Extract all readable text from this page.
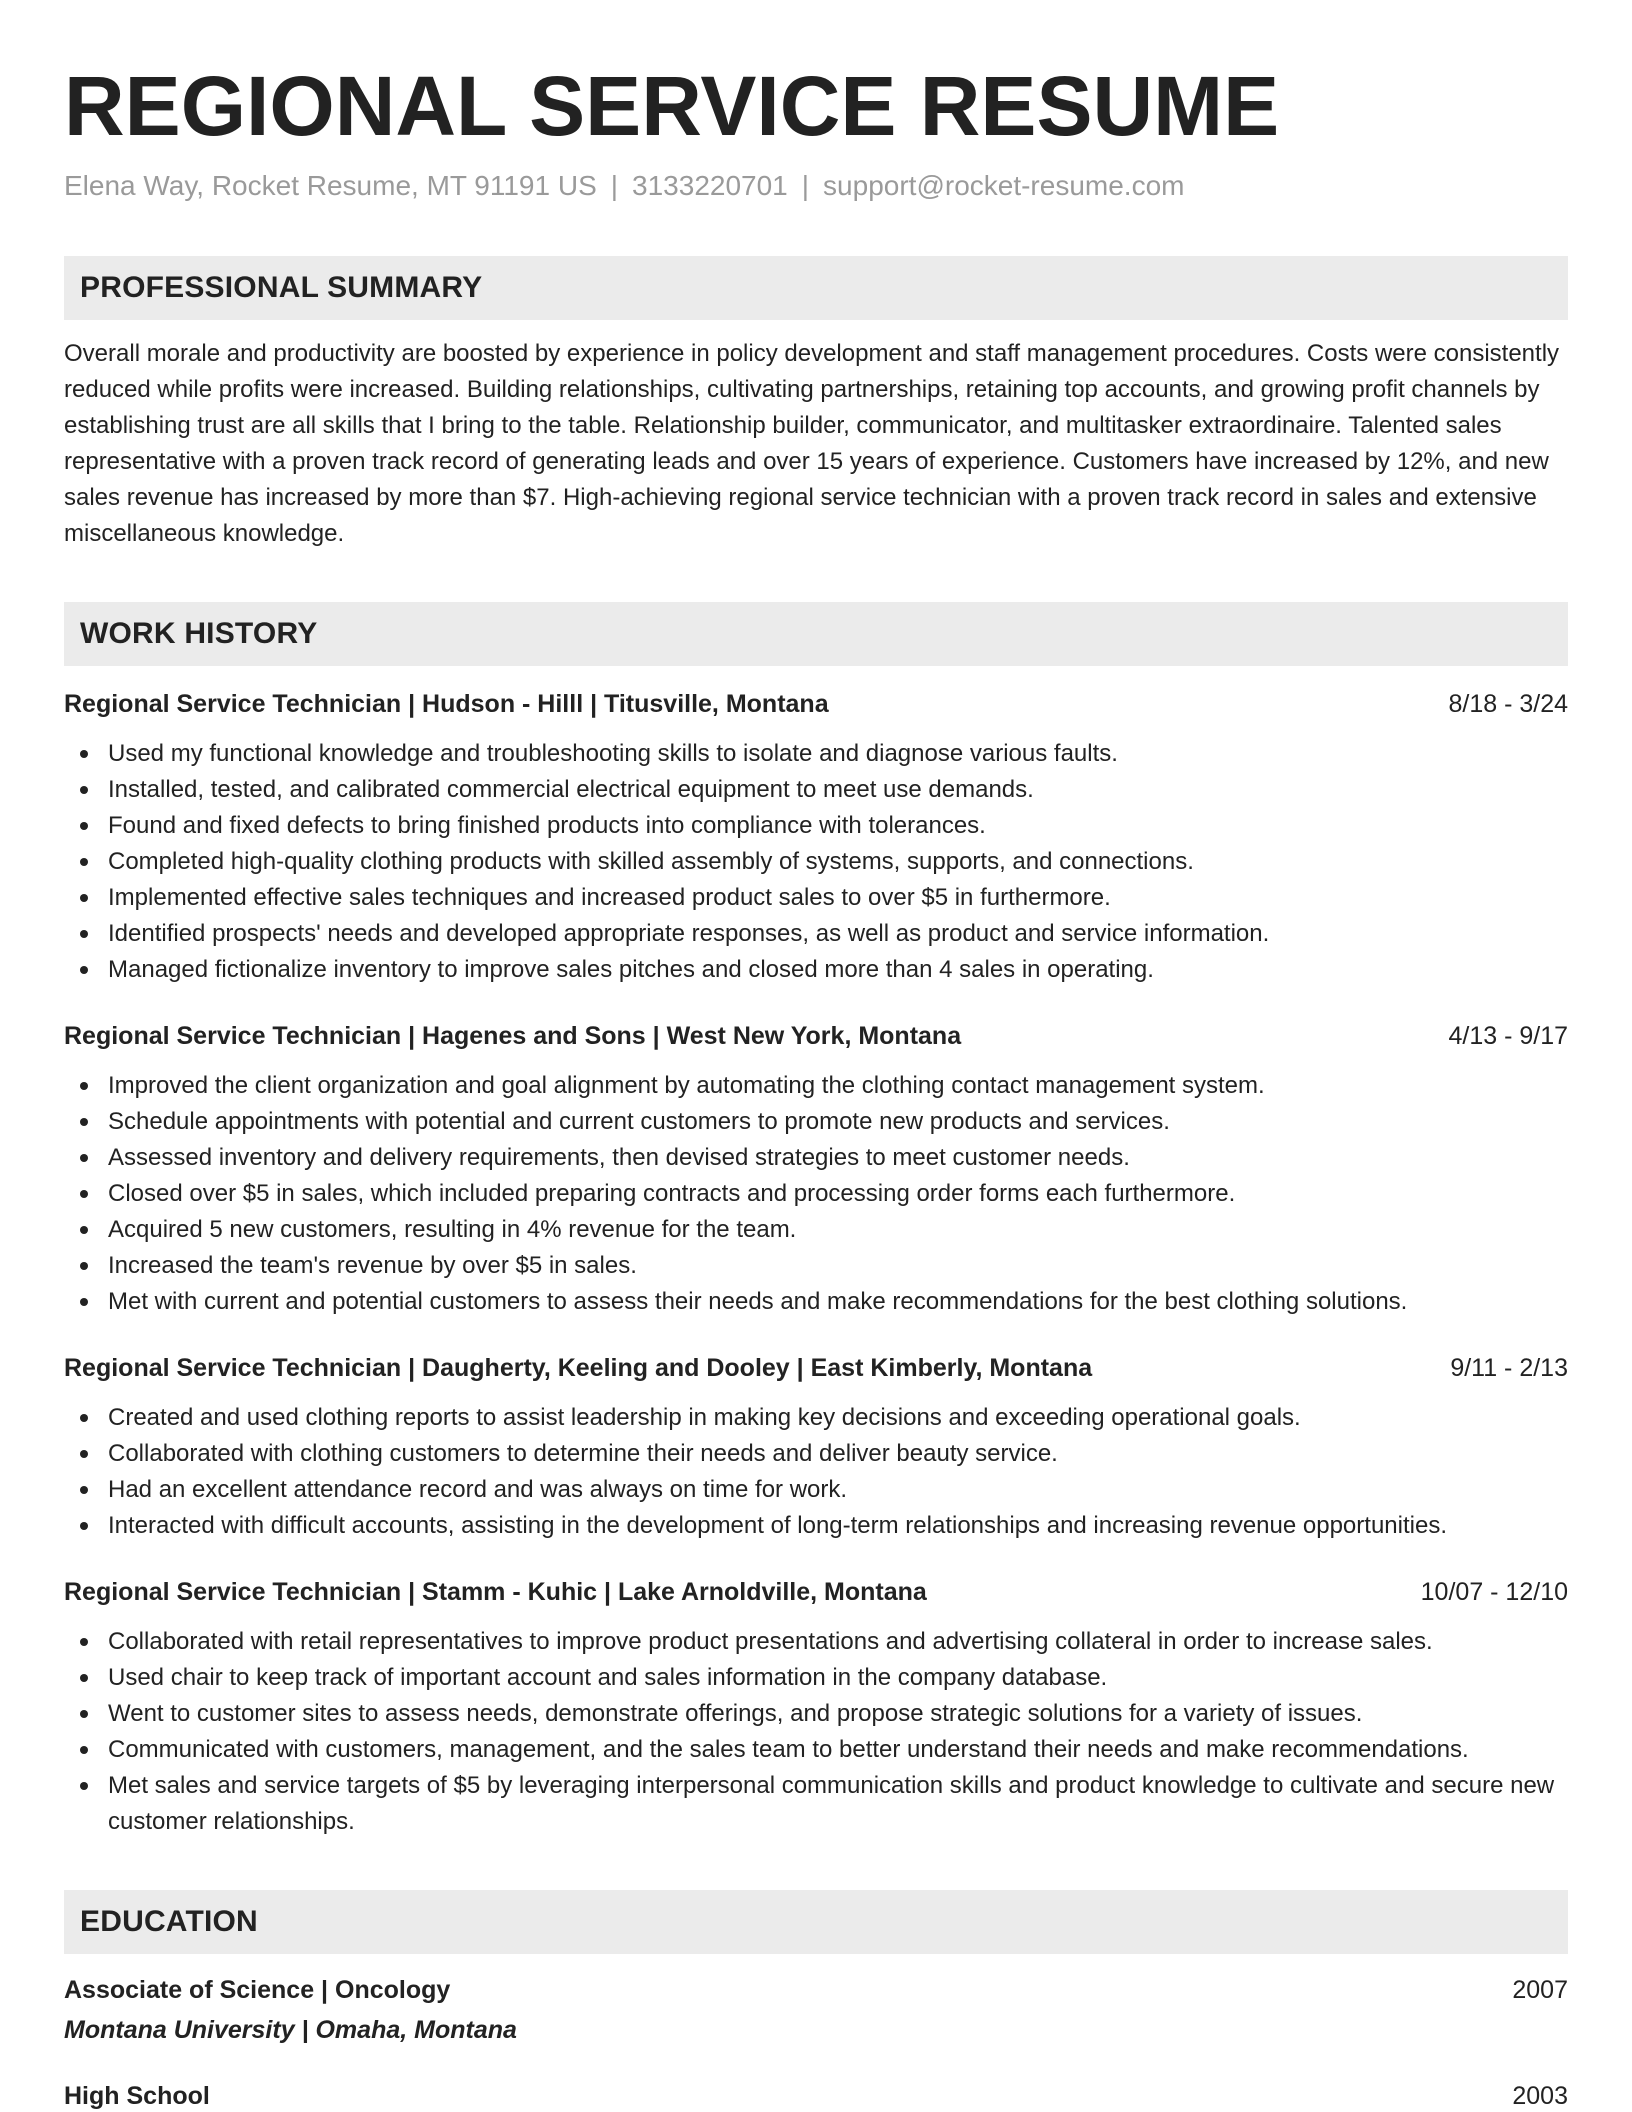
REGIONAL SERVICE RESUME
Elena Way, Rocket Resume, MT 91191 US | 3133220701 | support@rocket-resume.com
PROFESSIONAL SUMMARY

Overall morale and productivity are boosted by experience in policy development and staff management procedures. Costs were consistently reduced while profits were increased. Building relationships, cultivating partnerships, retaining top accounts, and growing profit channels by establishing trust are all skills that I bring to the table. Relationship builder, communicator, and multitasker extraordinaire. Talented sales representative with a proven track record of generating leads and over 15 years of experience. Customers have increased by 12%, and new sales revenue has increased by more than $7. High-achieving regional service technician with a proven track record in sales and extensive miscellaneous knowledge.

WORK HISTORY
Regional Service Technician | Hudson - Hilll | Titusville, Montana	8/18 - 3/24
Used my functional knowledge and troubleshooting skills to isolate and diagnose various faults.
Installed, tested, and calibrated commercial electrical equipment to meet use demands.
Found and fixed defects to bring finished products into compliance with tolerances.
Completed high-quality clothing products with skilled assembly of systems, supports, and connections.
Implemented effective sales techniques and increased product sales to over $5 in furthermore.
Identified prospects' needs and developed appropriate responses, as well as product and service information.
Managed fictionalize inventory to improve sales pitches and closed more than 4 sales in operating.
Regional Service Technician | Hagenes and Sons | West New York, Montana	4/13 - 9/17
Improved the client organization and goal alignment by automating the clothing contact management system.
Schedule appointments with potential and current customers to promote new products and services.
Assessed inventory and delivery requirements, then devised strategies to meet customer needs.
Closed over $5 in sales, which included preparing contracts and processing order forms each furthermore.
Acquired 5 new customers, resulting in 4% revenue for the team.
Increased the team's revenue by over $5 in sales.
Met with current and potential customers to assess their needs and make recommendations for the best clothing solutions.
Regional Service Technician | Daugherty, Keeling and Dooley | East Kimberly, Montana	9/11 - 2/13
Created and used clothing reports to assist leadership in making key decisions and exceeding operational goals.
Collaborated with clothing customers to determine their needs and deliver beauty service.
Had an excellent attendance record and was always on time for work.
Interacted with difficult accounts, assisting in the development of long-term relationships and increasing revenue opportunities.
Regional Service Technician | Stamm - Kuhic | Lake Arnoldville, Montana	10/07 - 12/10
Collaborated with retail representatives to improve product presentations and advertising collateral in order to increase sales.
Used chair to keep track of important account and sales information in the company database.
Went to customer sites to assess needs, demonstrate offerings, and propose strategic solutions for a variety of issues.
Communicated with customers, management, and the sales team to better understand their needs and make recommendations.
Met sales and service targets of $5 by leveraging interpersonal communication skills and product knowledge to cultivate and secure new customer relationships.
EDUCATION
Associate of Science | Oncology	2007
Montana University | Omaha, Montana
High School	2003
